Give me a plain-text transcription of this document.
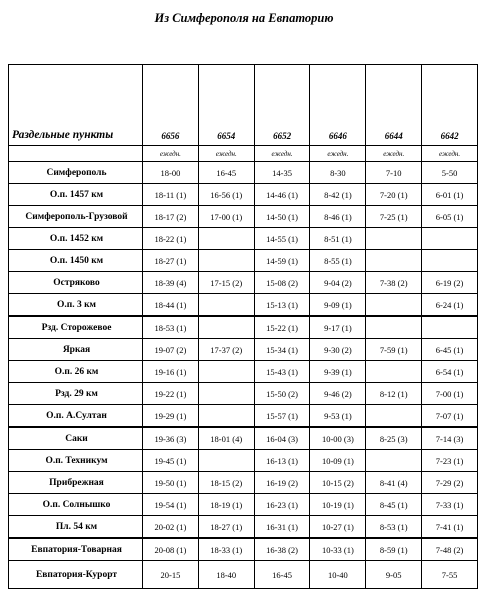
Из Симферополя на Евпаторию
Раздельные пункты	6656	6654	6652	6646	6644	6642
	ежедн.	ежедн.	ежедн.	ежедн.	ежедн.	ежедн.
Симферополь	18-00	16-45	14-35	8-30	7-10	5-50
О.п. 1457 км	18-11 (1)	16-56 (1)	14-46 (1)	8-42 (1)	7-20 (1)	6-01 (1)
Симферополь-Грузовой	18-17 (2)	17-00 (1)	14-50 (1)	8-46 (1)	7-25 (1)	6-05 (1)
О.п. 1452 км	18-22 (1)		14-55 (1)	8-51 (1)		
О.п. 1450 км	18-27 (1)		14-59 (1)	8-55 (1)		
Остряково	18-39 (4)	17-15 (2)	15-08 (2)	9-04 (2)	7-38 (2)	6-19 (2)
О.п. 3 км	18-44 (1)		15-13 (1)	9-09 (1)		6-24 (1)
Рзд. Сторожевое	18-53 (1)		15-22 (1)	9-17 (1)		
Яркая	19-07 (2)	17-37 (2)	15-34 (1)	9-30 (2)	7-59 (1)	6-45 (1)
О.п. 26 км	19-16 (1)		15-43 (1)	9-39 (1)		6-54 (1)
Рзд. 29 км	19-22 (1)		15-50 (2)	9-46 (2)	8-12 (1)	7-00 (1)
О.п. А.Султан	19-29 (1)		15-57 (1)	9-53 (1)		7-07 (1)
Саки	19-36 (3)	18-01 (4)	16-04 (3)	10-00 (3)	8-25 (3)	7-14 (3)
О.п. Техникум	19-45 (1)		16-13 (1)	10-09 (1)		7-23 (1)
Прибрежная	19-50 (1)	18-15 (2)	16-19 (2)	10-15 (2)	8-41 (4)	7-29 (2)
О.п. Солнышко	19-54 (1)	18-19 (1)	16-23 (1)	10-19 (1)	8-45 (1)	7-33 (1)
Пл. 54 км	20-02 (1)	18-27 (1)	16-31 (1)	10-27 (1)	8-53 (1)	7-41 (1)
Евпатория-Товарная	20-08 (1)	18-33 (1)	16-38 (2)	10-33 (1)	8-59 (1)	7-48 (2)
Евпатория-Курорт	20-15	18-40	16-45	10-40	9-05	7-55
